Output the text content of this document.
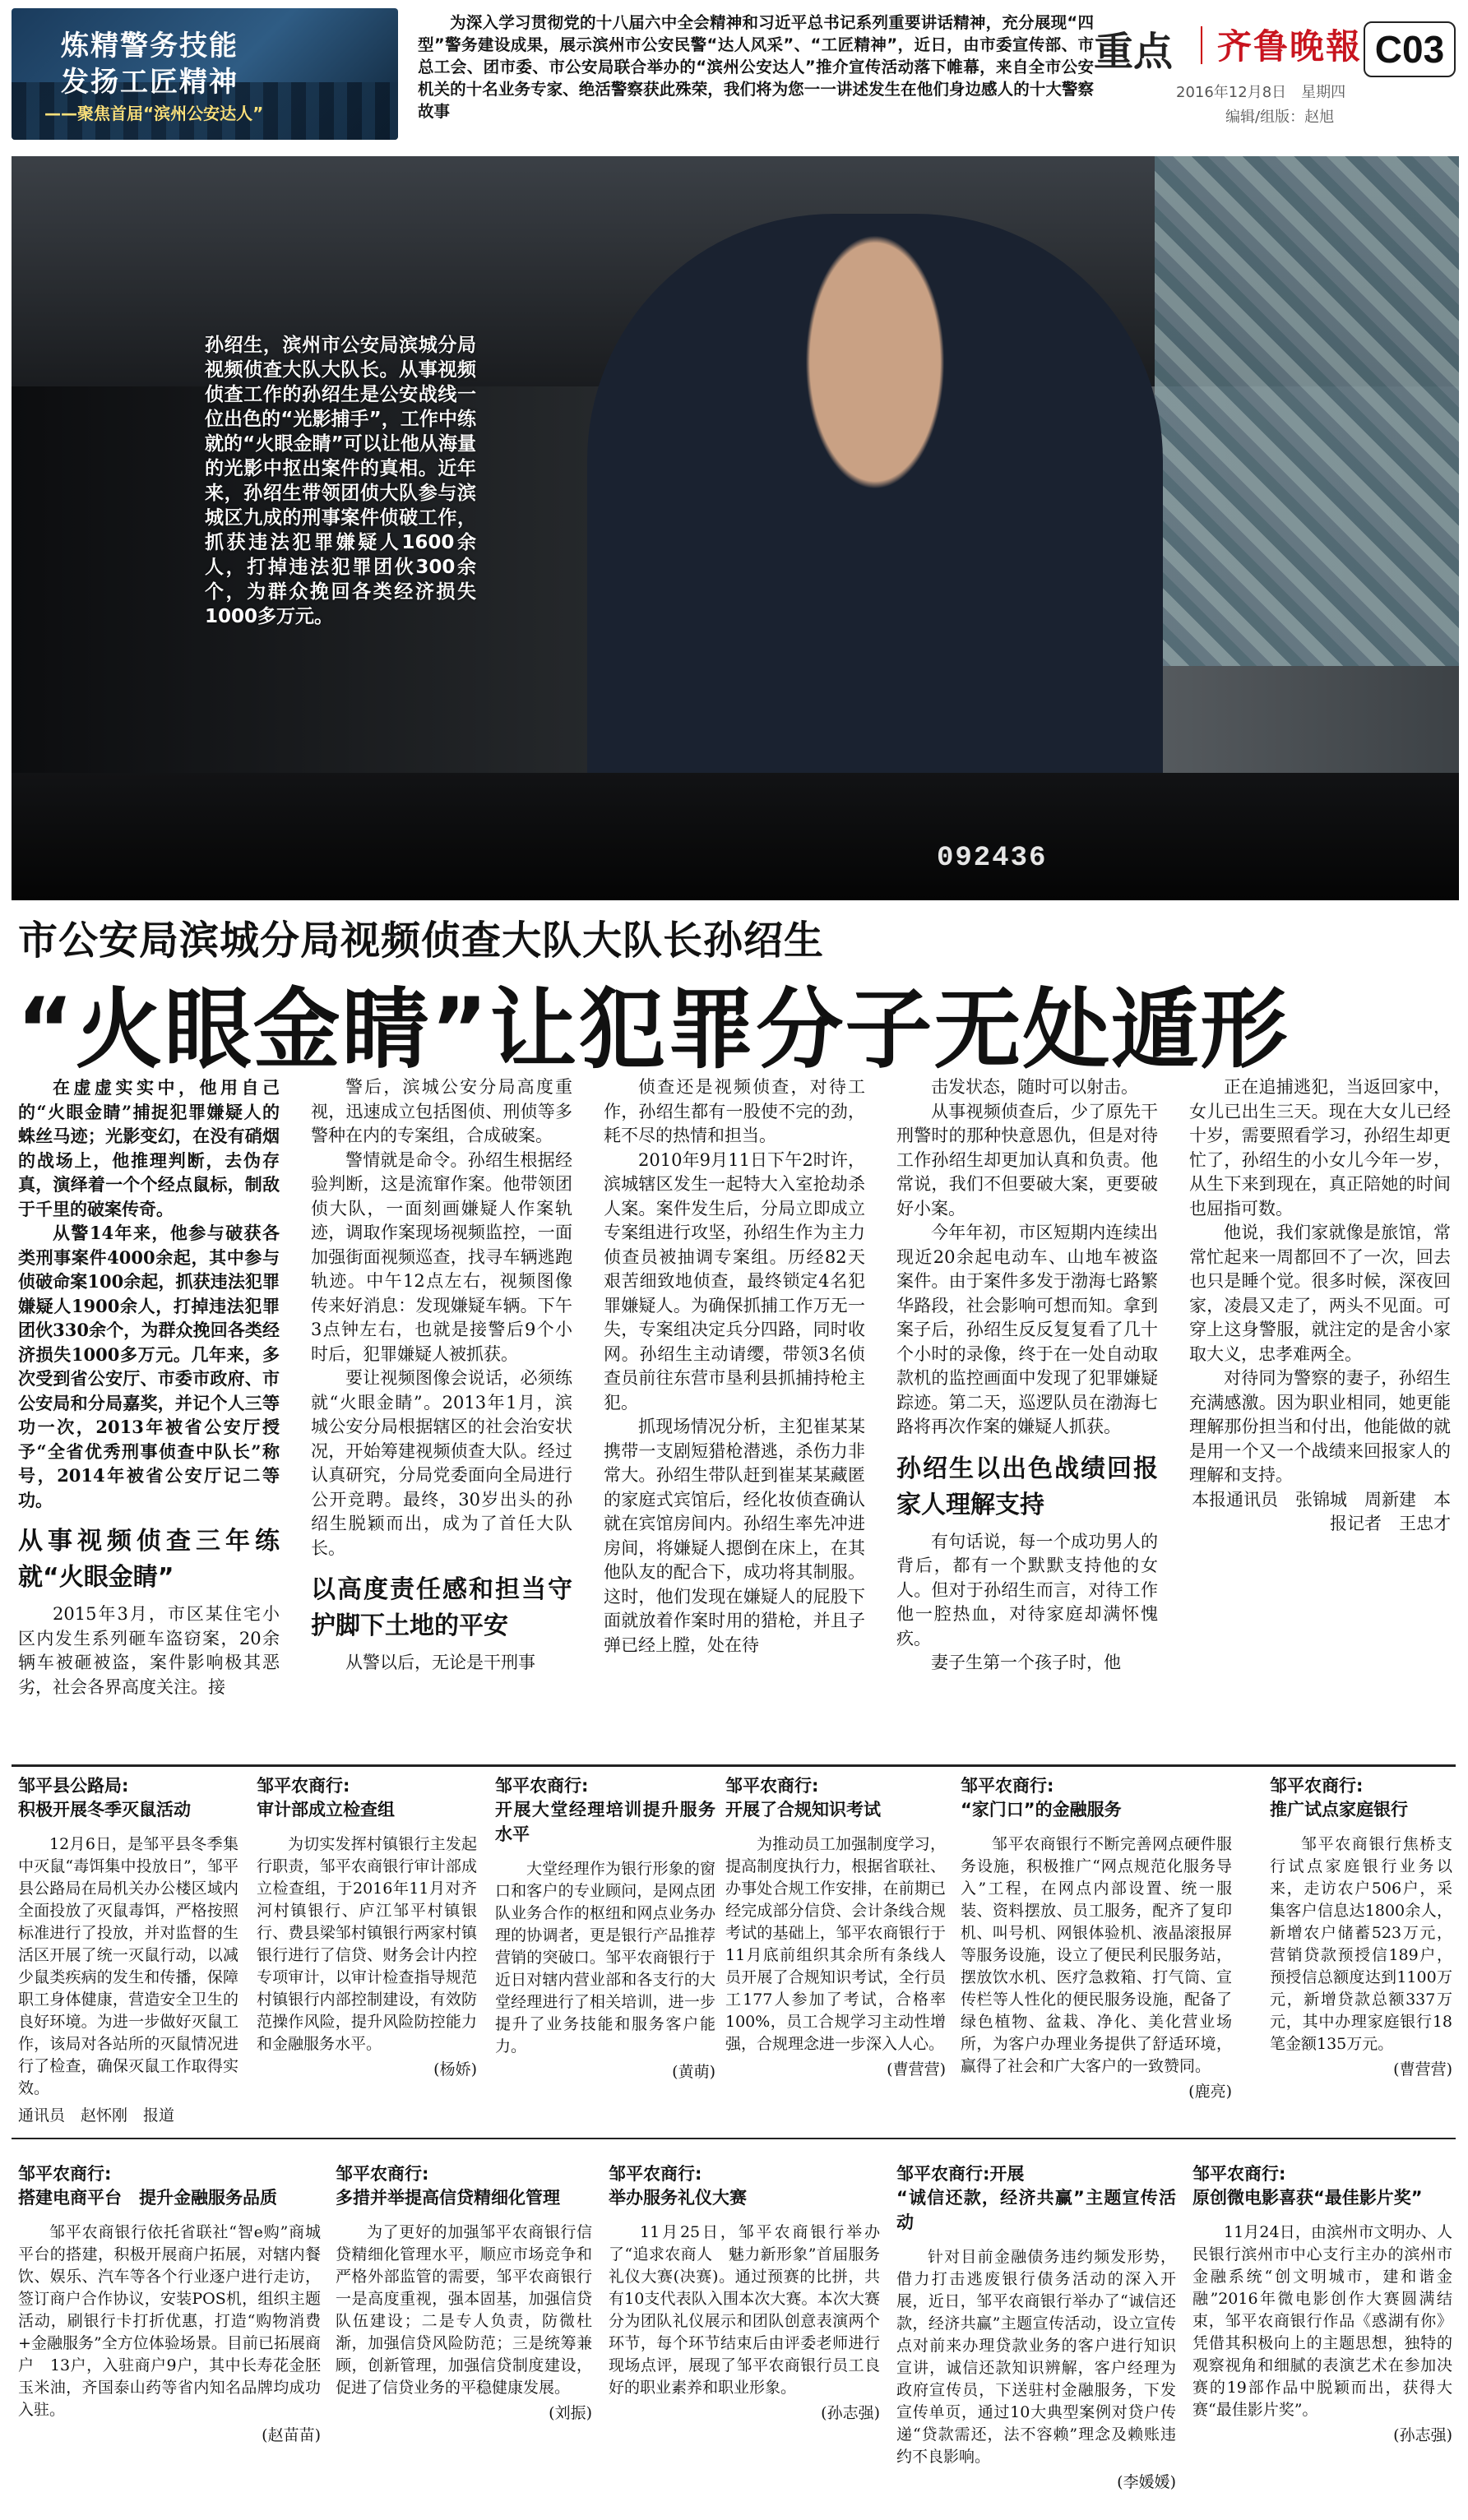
炼精警务技能
发扬工匠精神
——聚焦首届“滨州公安达人”
为深入学习贯彻党的十八届六中全会精神和习近平总书记系列重要讲话精神，充分展现“四型”警务建设成果，展示滨州市公安民警“达人风采”、“工匠精神”，近日，由市委宣传部、市总工会、团市委、市公安局联合举办的“滨州公安达人”推介宣传活动落下帷幕，来自全市公安机关的十名业务专家、绝活警察获此殊荣，我们将为您一一讲述发生在他们身边感人的十大警察故事
重点 齐鲁晚報 C03
2016年12月8日　星期四
编辑/组版：赵旭
092436
孙绍生，滨州市公安局滨城分局视频侦查大队大队长。从事视频侦查工作的孙绍生是公安战线一位出色的“光影捕手”，工作中练就的“火眼金睛”可以让他从海量的光影中抠出案件的真相。近年来，孙绍生带领团侦大队参与滨城区九成的刑事案件侦破工作，抓获违法犯罪嫌疑人1600余人，打掉违法犯罪团伙300余个，为群众挽回各类经济损失1000多万元。
市公安局滨城分局视频侦查大队大队长孙绍生
“火眼金睛”让犯罪分子无处遁形

在虚虚实实中，他用自己的“火眼金睛”捕捉犯罪嫌疑人的蛛丝马迹；光影变幻，在没有硝烟的战场上，他推理判断，去伪存真，演绎着一个个经点鼠标，制敌于千里的破案传奇。

从警14年来，他参与破获各类刑事案件4000余起，其中参与侦破命案100余起，抓获违法犯罪嫌疑人1900余人，打掉违法犯罪团伙330余个，为群众挽回各类经济损失1000多万元。几年来，多次受到省公安厅、市委市政府、市公安局和分局嘉奖，并记个人三等功一次，2013年被省公安厅授予“全省优秀刑事侦查中队长”称号，2014年被省公安厅记二等功。

从事视频侦查三年练就“火眼金睛”

2015年3月，市区某住宅小区内发生系列砸车盗窃案，20余辆车被砸被盗，案件影响极其恶劣，社会各界高度关注。接

警后，滨城公安分局高度重视，迅速成立包括图侦、刑侦等多警种在内的专案组，合成破案。

警情就是命令。孙绍生根据经验判断，这是流窜作案。他带领团侦大队，一面刻画嫌疑人作案轨迹，调取作案现场视频监控，一面加强街面视频巡查，找寻车辆逃跑轨迹。中午12点左右，视频图像传来好消息：发现嫌疑车辆。下午3点钟左右，也就是接警后9个小时后，犯罪嫌疑人被抓获。

要让视频图像会说话，必须练就“火眼金睛”。2013年1月，滨城公安分局根据辖区的社会治安状况，开始筹建视频侦查大队。经过认真研究，分局党委面向全局进行公开竞聘。最终，30岁出头的孙绍生脱颖而出，成为了首任大队长。

以高度责任感和担当守护脚下土地的平安

从警以后，无论是干刑事

侦查还是视频侦查，对待工作，孙绍生都有一股使不完的劲，耗不尽的热情和担当。

2010年9月11日下午2时许，滨城辖区发生一起特大入室抢劫杀人案。案件发生后，分局立即成立专案组进行攻坚，孙绍生作为主力侦查员被抽调专案组。历经82天艰苦细致地侦查，最终锁定4名犯罪嫌疑人。为确保抓捕工作万无一失，专案组决定兵分四路，同时收网。孙绍生主动请缨，带领3名侦查员前往东营市垦利县抓捕持枪主犯。

抓现场情况分析，主犯崔某某携带一支剧短猎枪潜逃，杀伤力非常大。孙绍生带队赶到崔某某藏匿的家庭式宾馆后，经化妆侦查确认就在宾馆房间内。孙绍生率先冲进房间，将嫌疑人摁倒在床上，在其他队友的配合下，成功将其制服。这时，他们发现在嫌疑人的屁股下面就放着作案时用的猎枪，并且子弹已经上膛，处在待

击发状态，随时可以射击。

从事视频侦查后，少了原先干刑警时的那种快意恩仇，但是对待工作孙绍生却更加认真和负责。他常说，我们不但要破大案，更要破好小案。

今年年初，市区短期内连续出现近20余起电动车、山地车被盗案件。由于案件多发于渤海七路繁华路段，社会影响可想而知。拿到案子后，孙绍生反反复复看了几十个小时的录像，终于在一处自动取款机的监控画面中发现了犯罪嫌疑踪迹。第二天，巡逻队员在渤海七路将再次作案的嫌疑人抓获。

孙绍生以出色战绩回报家人理解支持

有句话说，每一个成功男人的背后，都有一个默默支持他的女人。但对于孙绍生而言，对待工作他一腔热血，对待家庭却满怀愧疚。

妻子生第一个孩子时，他

正在追捕逃犯，当返回家中，女儿已出生三天。现在大女儿已经十岁，需要照看学习，孙绍生却更忙了，孙绍生的小女儿今年一岁，从生下来到现在，真正陪她的时间也屈指可数。

他说，我们家就像是旅馆，常常忙起来一周都回不了一次，回去也只是睡个觉。很多时候，深夜回家，凌晨又走了，两头不见面。可穿上这身警服，就注定的是舍小家取大义，忠孝难两全。

对待同为警察的妻子，孙绍生充满感激。因为职业相同，她更能理解那份担当和付出，他能做的就是用一个又一个战绩来回报家人的理解和支持。

本报通讯员　张锦城　周新建　本报记者　王忠才

邹平县公路局:
积极开展冬季灭鼠活动
12月6日，是邹平县冬季集中灭鼠“毒饵集中投放日”，邹平县公路局在局机关办公楼区域内全面投放了灭鼠毒饵，严格按照标准进行了投放，并对监督的生活区开展了统一灭鼠行动，以减少鼠类疾病的发生和传播，保障职工身体健康，营造安全卫生的良好环境。为进一步做好灭鼠工作，该局对各站所的灭鼠情况进行了检查，确保灭鼠工作取得实效。
通讯员　赵怀刚　报道
邹平农商行:
审计部成立检查组
为切实发挥村镇银行主发起行职责，邹平农商银行审计部成立检查组，于2016年11月对齐河村镇银行、庐江邹平村镇银行、费县梁邹村镇银行两家村镇银行进行了信贷、财务会计内控专项审计，以审计检查指导规范村镇银行内部控制建设，有效防范操作风险，提升风险防控能力和金融服务水平。
(杨娇)
邹平农商行:
开展大堂经理培训提升服务水平
大堂经理作为银行形象的窗口和客户的专业顾问，是网点团队业务合作的枢纽和网点业务办理的协调者，更是银行产品推荐营销的突破口。邹平农商银行于近日对辖内营业部和各支行的大堂经理进行了相关培训，进一步提升了业务技能和服务客户能力。
(黄萌)
邹平农商行:
开展了合规知识考试
为推动员工加强制度学习，提高制度执行力，根据省联社、办事处合规工作安排，在前期已经完成部分信贷、会计条线合规考试的基础上，邹平农商银行于11月底前组织其余所有条线人员开展了合规知识考试，全行员工177人参加了考试，合格率100%，员工合规学习主动性增强，合规理念进一步深入人心。
(曹营营)
邹平农商行:
“家门口”的金融服务
邹平农商银行不断完善网点硬件服务设施，积极推广“网点规范化服务导入”工程，在网点内部设置、统一服装、资料摆放、员工服务，配齐了复印机、叫号机、网银体验机、液晶滚报屏等服务设施，设立了便民利民服务站，摆放饮水机、医疗急救箱、打气筒、宣传栏等人性化的便民服务设施，配备了绿色植物、盆栽、净化、美化营业场所，为客户办理业务提供了舒适环境，赢得了社会和广大客户的一致赞同。
(鹿亮)
邹平农商行:
推广试点家庭银行
邹平农商银行焦桥支行试点家庭银行业务以来，走访农户506户，采集客户信息达1800余人，新增农户储蓄523万元，营销贷款预授信189户，预授信总额度达到1100万元，新增贷款总额337万元，其中办理家庭银行18笔金额135万元。
(曹营营)
邹平农商行:
搭建电商平台　提升金融服务品质
邹平农商银行依托省联社“智e购”商城平台的搭建，积极开展商户拓展，对辖内餐饮、娱乐、汽车等各个行业逐户进行走访，签订商户合作协议，安装POS机，组织主题活动，刷银行卡打折优惠，打造“购物消费+金融服务”全方位体验场景。目前已拓展商户　13户，入驻商户9户，其中长寿花金胚玉米油，齐国泰山药等省内知名品牌均成功入驻。
(赵苗苗)
邹平农商行:
多措并举提高信贷精细化管理
为了更好的加强邹平农商银行信贷精细化管理水平，顺应市场竞争和严格外部监管的需要，邹平农商银行一是高度重视，强本固基，加强信贷队伍建设；二是专人负责，防微杜渐，加强信贷风险防范；三是统筹兼顾，创新管理，加强信贷制度建设，促进了信贷业务的平稳健康发展。
(刘振)
邹平农商行:
举办服务礼仪大赛
11月25日，邹平农商银行举办了“追求农商人　魅力新形象”首届服务礼仪大赛(决赛)。通过预赛的比拼，共有10支代表队入围本次大赛。本次大赛分为团队礼仪展示和团队创意表演两个环节，每个环节结束后由评委老师进行现场点评，展现了邹平农商银行员工良好的职业素养和职业形象。
(孙志强)
邹平农商行:开展
“诚信还款，经济共赢”主题宣传活动
针对目前金融债务违约频发形势，借力打击逃废银行债务活动的深入开展，近日，邹平农商银行举办了“诚信还款，经济共赢”主题宣传活动，设立宣传点对前来办理贷款业务的客户进行知识宣讲，诚信还款知识辨解，客户经理为政府宣传员，下送驻村金融服务，下发宣传单页，通过10大典型案例对贷户传递“贷款需还，法不容赖”理念及赖账违约不良影响。
(李媛媛)
邹平农商行:
原创微电影喜获“最佳影片奖”
11月24日，由滨州市文明办、人民银行滨州市中心支行主办的滨州市金融系统“创文明城市，建和谐金融”2016年微电影创作大赛圆满结束，邹平农商银行作品《惑湖有你》凭借其积极向上的主题思想，独特的观察视角和细腻的表演艺术在参加决赛的19部作品中脱颖而出，获得大赛“最佳影片奖”。
(孙志强)
